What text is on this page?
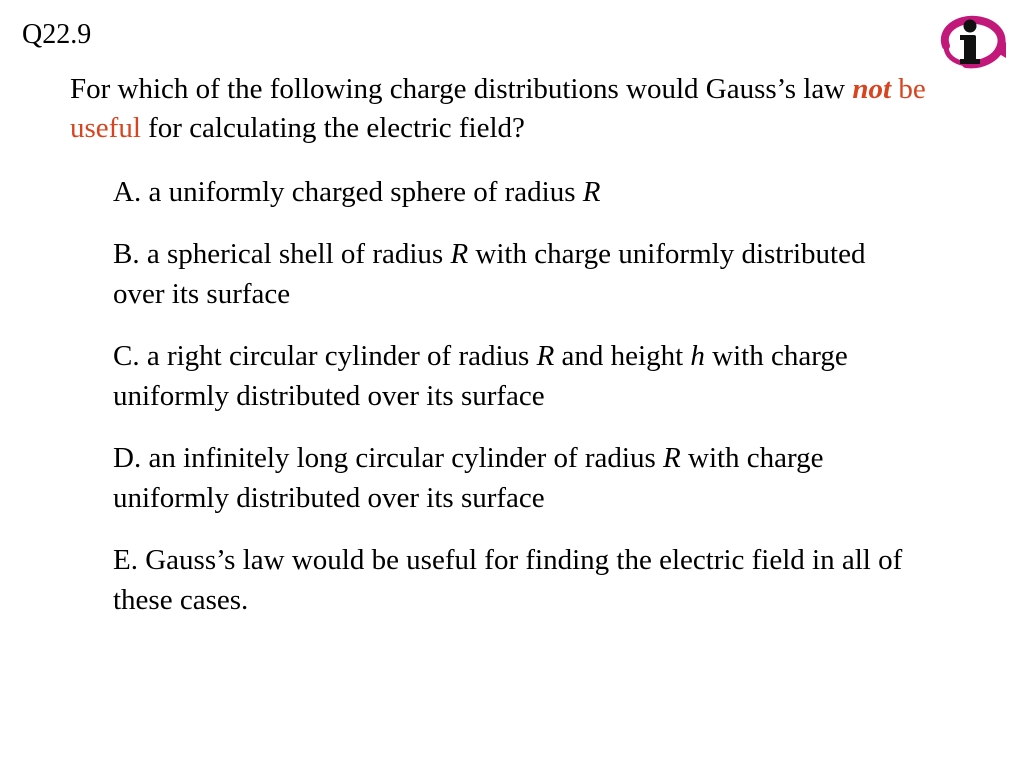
Q22.9
For which of the following charge distributions would Gauss’s law not be useful for calculating the electric field?
A. a uniformly charged sphere of radius R
B. a spherical shell of radius R with charge uniformly distributed over its surface
C. a right circular cylinder of radius R and height h with charge uniformly distributed over its surface
D. an infinitely long circular cylinder of radius R with charge uniformly distributed over its surface
E. Gauss’s law would be useful for finding the electric field in all of these cases.
